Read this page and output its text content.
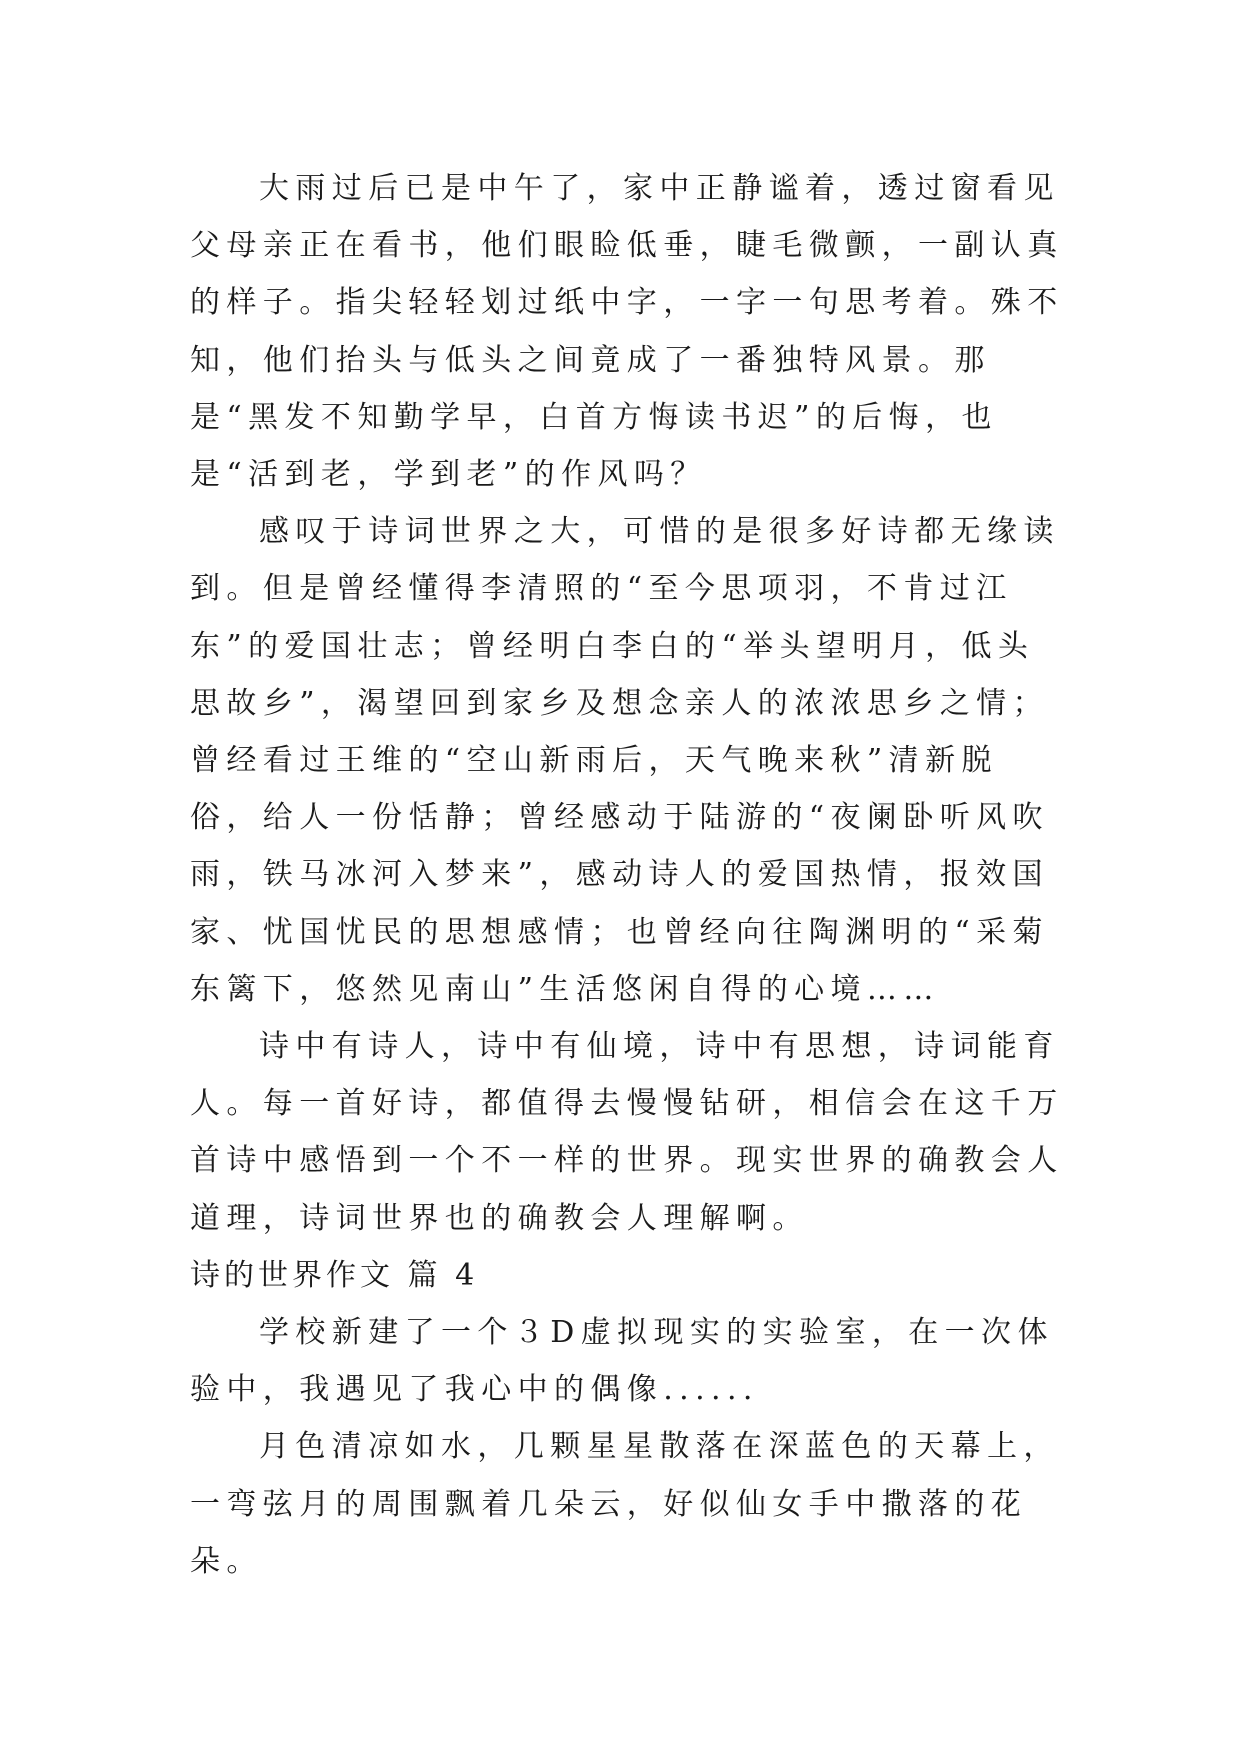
大雨过后已是中午了，家中正静谧着，透过窗看见父母亲正在看书，他们眼睑低垂，睫毛微颤，一副认真的样子。指尖轻轻划过纸中字，一字一句思考着。殊不知，他们抬头与低头之间竟成了一番独特风景。那是“黑发不知勤学早，白首方悔读书迟”的后悔，也是“活到老，学到老”的作风吗？

感叹于诗词世界之大，可惜的是很多好诗都无缘读到。但是曾经懂得李清照的“至今思项羽，不肯过江东”的爱国壮志；曾经明白李白的“举头望明月，低头思故乡”，渴望回到家乡及想念亲人的浓浓思乡之情；曾经看过王维的“空山新雨后，天气晚来秋”清新脱俗，给人一份恬静；曾经感动于陆游的“夜阑卧听风吹雨，铁马冰河入梦来”，感动诗人的爱国热情，报效国家、忧国忧民的思想感情；也曾经向往陶渊明的“采菊东篱下，悠然见南山”生活悠闲自得的心境……

诗中有诗人，诗中有仙境，诗中有思想，诗词能育人。每一首好诗，都值得去慢慢钻研，相信会在这千万首诗中感悟到一个不一样的世界。现实世界的确教会人道理，诗词世界也的确教会人理解啊。

诗的世界作文 篇 4

学校新建了一个３D虚拟现实的实验室，在一次体验中，我遇见了我心中的偶像......

月色清凉如水，几颗星星散落在深蓝色的天幕上，一弯弦月的周围飘着几朵云，好似仙女手中撒落的花朵。
